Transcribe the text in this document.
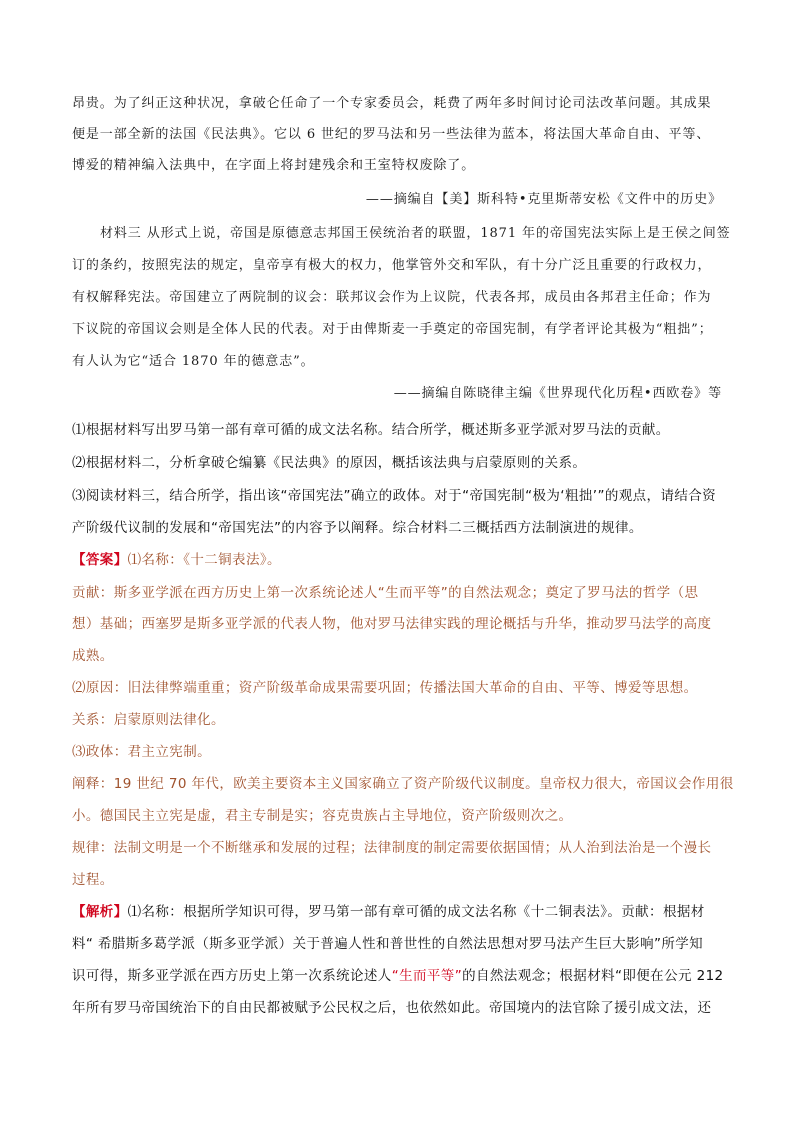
昂贵。为了纠正这种状况，拿破仑任命了一个专家委员会，耗费了两年多时间讨论司法改革问题。其成果
便是一部全新的法国《民法典》。它以 6 世纪的罗马法和另一些法律为蓝本，将法国大革命自由、平等、
博爱的精神编入法典中，在字面上将封建残余和王室特权废除了。
——摘编自【美】斯科特•克里斯蒂安松《文件中的历史》
材料三 从形式上说，帝国是原德意志邦国王侯统治者的联盟，1871 年的帝国宪法实际上是王侯之间签
订的条约，按照宪法的规定，皇帝享有极大的权力，他掌管外交和军队，有十分广泛且重要的行政权力，
有权解释宪法。帝国建立了两院制的议会：联邦议会作为上议院，代表各邦，成员由各邦君主任命；作为
下议院的帝国议会则是全体人民的代表。对于由俾斯麦一手奠定的帝国宪制，有学者评论其极为“粗拙”；
有人认为它“适合 1870 年的德意志”。
——摘编自陈晓律主编《世界现代化历程•西欧卷》等
⑴根据材料写出罗马第一部有章可循的成文法名称。结合所学，概述斯多亚学派对罗马法的贡献。
⑵根据材料二，分析拿破仑编纂《民法典》的原因，概括该法典与启蒙原则的关系。
⑶阅读材料三，结合所学，指出该“帝国宪法”确立的政体。对于“帝国宪制“极为‘粗拙’”的观点，请结合资
产阶级代议制的发展和“帝国宪法”的内容予以阐释。综合材料二三概括西方法制演进的规律。
【答案】⑴名称：《十二铜表法》。
贡献：斯多亚学派在西方历史上第一次系统论述人“生而平等”的自然法观念；奠定了罗马法的哲学（思
想）基础；西塞罗是斯多亚学派的代表人物，他对罗马法律实践的理论概括与升华，推动罗马法学的高度
成熟。
⑵原因：旧法律弊端重重；资产阶级革命成果需要巩固；传播法国大革命的自由、平等、博爱等思想。
关系：启蒙原则法律化。
⑶政体：君主立宪制。
阐释：19 世纪 70 年代，欧美主要资本主义国家确立了资产阶级代议制度。皇帝权力很大，帝国议会作用很
小。德国民主立宪是虚，君主专制是实；容克贵族占主导地位，资产阶级则次之。
规律：法制文明是一个不断继承和发展的过程；法律制度的制定需要依据国情；从人治到法治是一个漫长
过程。
【解析】⑴名称：根据所学知识可得，罗马第一部有章可循的成文法名称《十二铜表法》。贡献：根据材
料“ 希腊斯多葛学派（斯多亚学派）关于普遍人性和普世性的自然法思想对罗马法产生巨大影响”所学知
识可得，斯多亚学派在西方历史上第一次系统论述人“生而平等”的自然法观念；根据材料“即便在公元 212
年所有罗马帝国统治下的自由民都被赋予公民权之后，也依然如此。帝国境内的法官除了援引成文法，还
